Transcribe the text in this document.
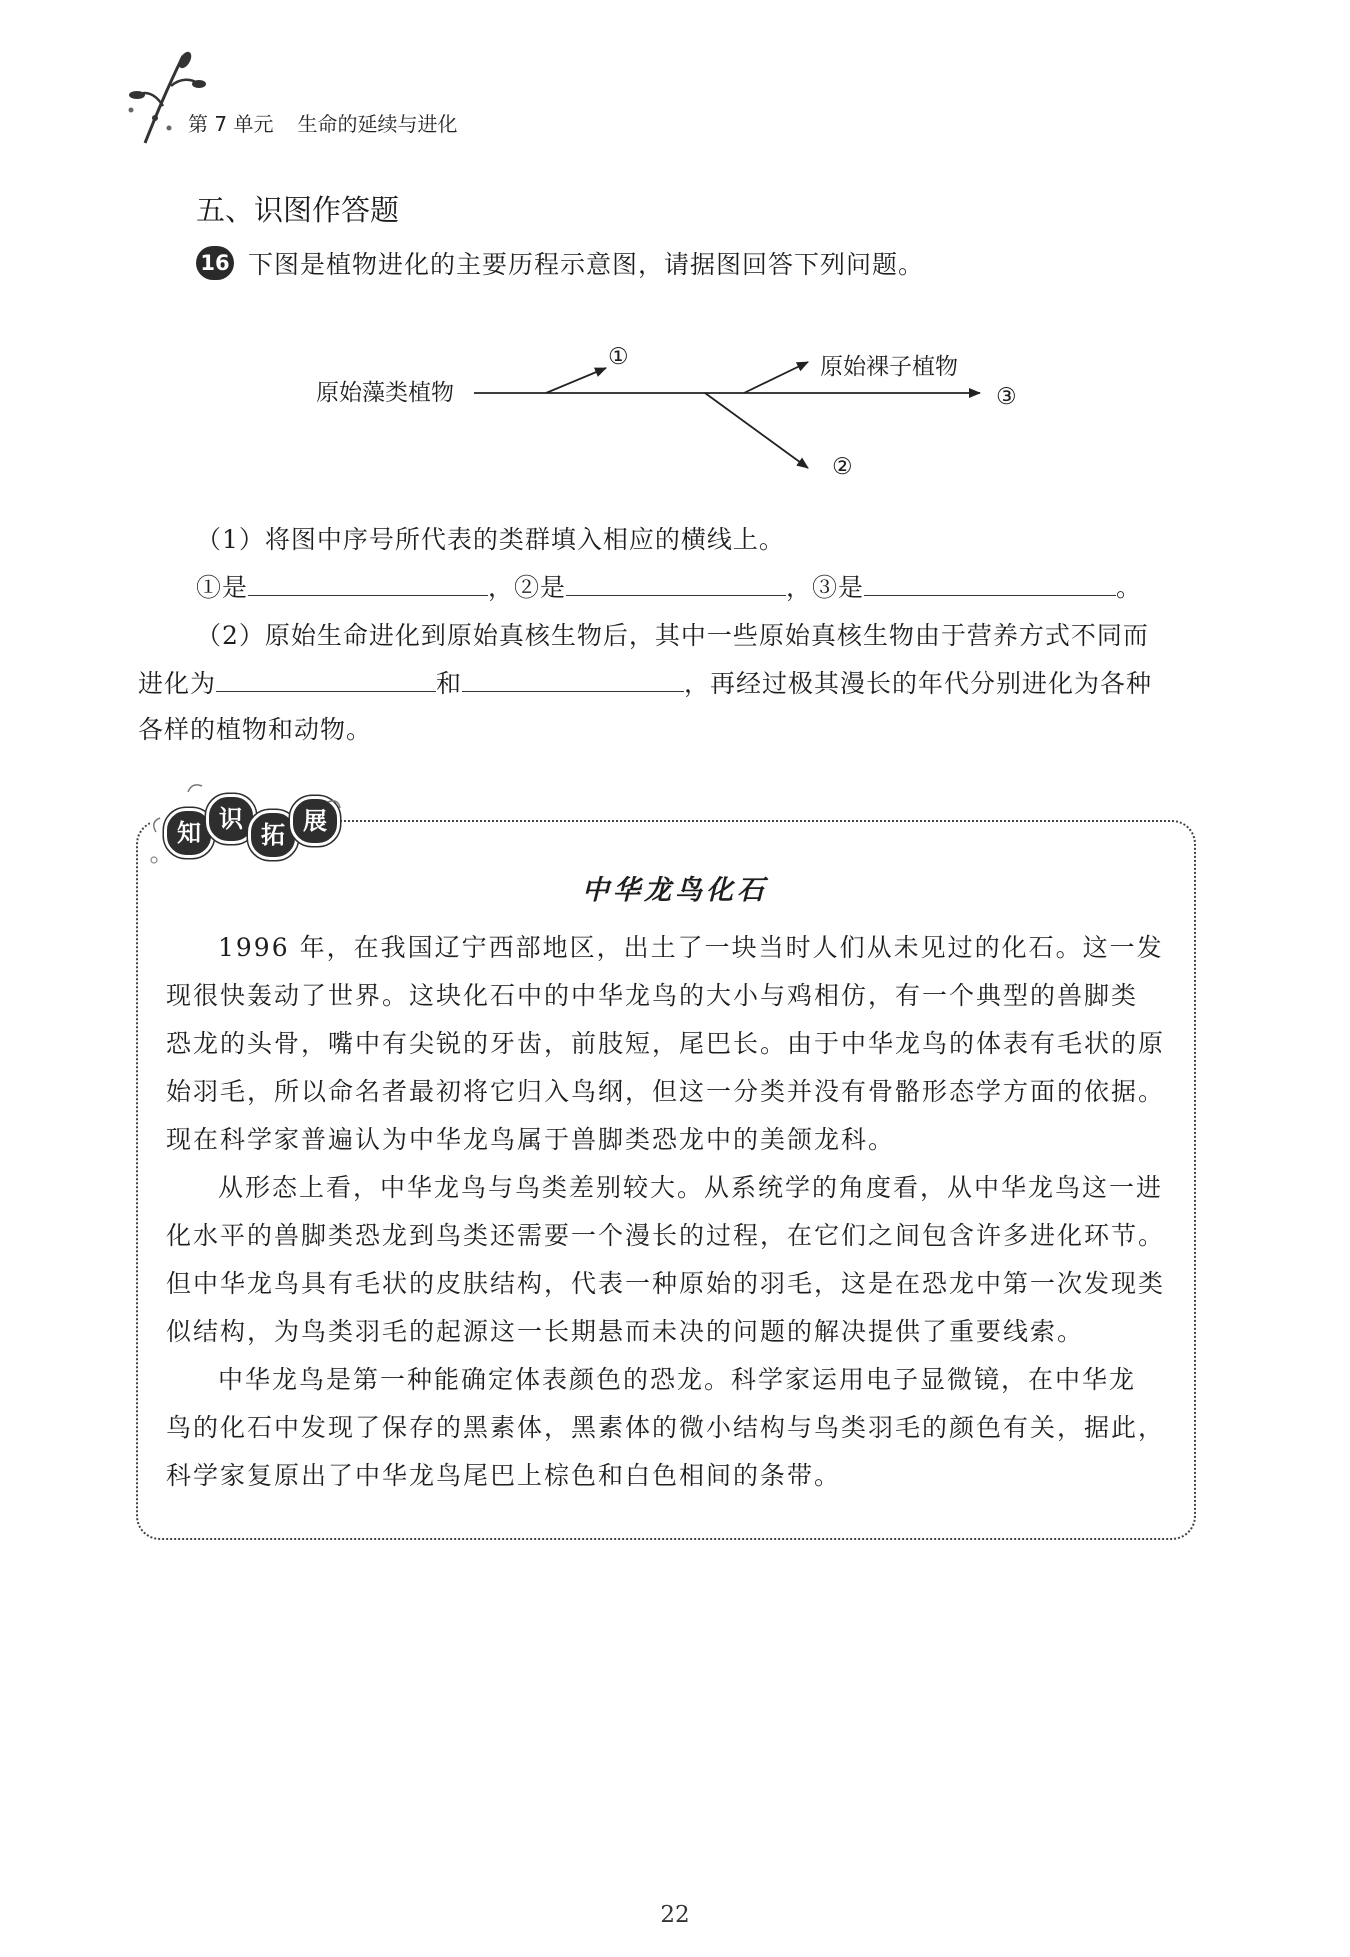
第 7 单元 生命的延续与进化
五、识图作答题
16 下图是植物进化的主要历程示意图，请据图回答下列问题。
原始藻类植物
①	原始裸子植物
③
②
（1）将图中序号所代表的类群填入相应的横线上。
①是	，②是	，③是	。
（2）原始生命进化到原始真核生物后，其中一些原始真核生物由于营养方式不同而
进化为	和	，再经过极其漫长的年代分别进化为各种
各样的植物和动物。
知 识
拓 展
中华龙鸟化石
1996 年，在我国辽宁西部地区，出土了一块当时人们从未见过的化石。这一发
现很快轰动了世界。这块化石中的中华龙鸟的大小与鸡相仿，有一个典型的兽脚类
恐龙的头骨，嘴中有尖锐的牙齿，前肢短，尾巴长。由于中华龙鸟的体表有毛状的原
始羽毛，所以命名者最初将它归入鸟纲，但这一分类并没有骨骼形态学方面的依据。
现在科学家普遍认为中华龙鸟属于兽脚类恐龙中的美颌龙科。
从形态上看，中华龙鸟与鸟类差别较大。从系统学的角度看，从中华龙鸟这一进
化水平的兽脚类恐龙到鸟类还需要一个漫长的过程，在它们之间包含许多进化环节。
但中华龙鸟具有毛状的皮肤结构，代表一种原始的羽毛，这是在恐龙中第一次发现类
似结构，为鸟类羽毛的起源这一长期悬而未决的问题的解决提供了重要线索。
中华龙鸟是第一种能确定体表颜色的恐龙。科学家运用电子显微镜，在中华龙
鸟的化石中发现了保存的黑素体，黑素体的微小结构与鸟类羽毛的颜色有关，据此，
科学家复原出了中华龙鸟尾巴上棕色和白色相间的条带。
22
